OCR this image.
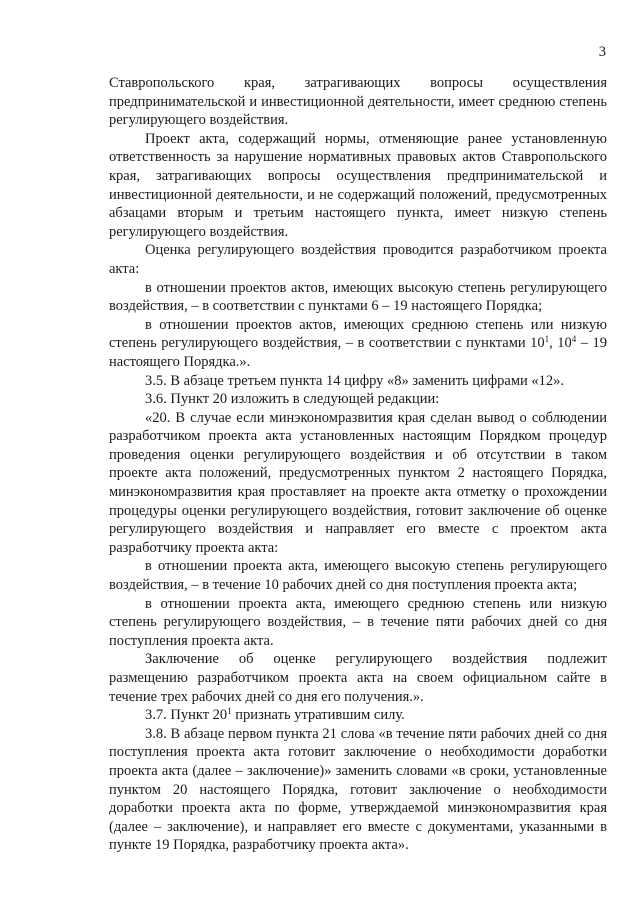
3

Ставропольского края, затрагивающих вопросы осуществления предпринимательской и инвестиционной деятельности, имеет среднюю степень регулирующего воздействия.

Проект акта, содержащий нормы, отменяющие ранее установленную ответственность за нарушение нормативных правовых актов Ставропольского края, затрагивающих вопросы осуществления предпринимательской и инвестиционной деятельности, и не содержащий положений, предусмотренных абзацами вторым и третьим настоящего пункта, имеет низкую степень регулирующего воздействия.

Оценка регулирующего воздействия проводится разработчиком проекта акта:

в отношении проектов актов, имеющих высокую степень регулирующего воздействия, – в соответствии с пунктами 6 – 19 настоящего Порядка;

в отношении проектов актов, имеющих среднюю степень или низкую степень регулирующего воздействия, – в соответствии с пунктами $10^1$, $10^4 - 19$ настоящего Порядка.».

3.5. В абзаце третьем пункта 14 цифру «8» заменить цифрами «12».

3.6. Пункт 20 изложить в следующей редакции:

«20. В случае если минэкономразвития края сделан вывод о соблюдении разработчиком проекта акта установленных настоящим Порядком процедур проведения оценки регулирующего воздействия и об отсутствии в таком проекте акта положений, предусмотренных пунктом 2 настоящего Порядка, минэкономразвития края проставляет на проекте акта отметку о прохождении процедуры оценки регулирующего воздействия, готовит заключение об оценке регулирующего воздействия и направляет его вместе с проектом акта разработчику проекта акта:

в отношении проекта акта, имеющего высокую степень регулирующего воздействия, – в течение 10 рабочих дней со дня поступления проекта акта;

в отношении проекта акта, имеющего среднюю степень или низкую степень регулирующего воздействия, – в течение пяти рабочих дней со дня поступления проекта акта.

Заключение об оценке регулирующего воздействия подлежит размещению разработчиком проекта акта на своем официальном сайте в течение трех рабочих дней со дня его получения.».

3.7. Пункт $20^1$ признать утратившим силу.

3.8. В абзаце первом пункта 21 слова «в течение пяти рабочих дней со дня поступления проекта акта готовит заключение о необходимости доработки проекта акта (далее – заключение)» заменить словами «в сроки, установленные пунктом 20 настоящего Порядка, готовит заключение о необходимости доработки проекта акта по форме, утверждаемой минэкономразвития края (далее – заключение), и направляет его вместе с документами, указанными в пункте 19 Порядка, разработчику проекта акта».
